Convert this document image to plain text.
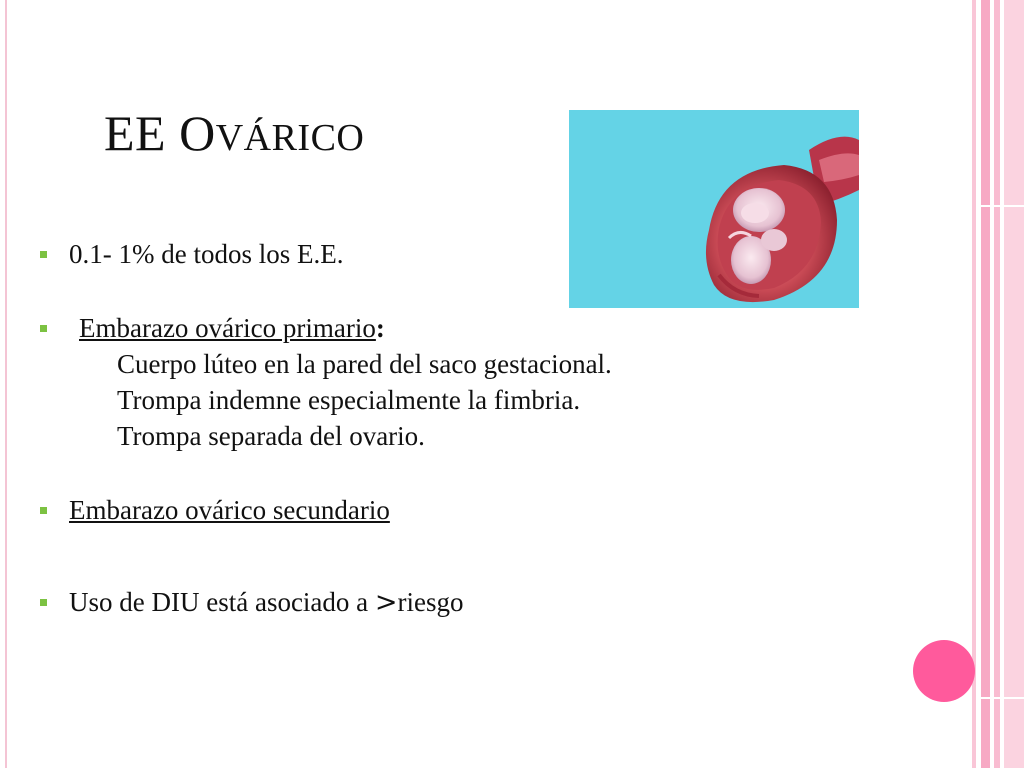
EE OVÁRICO
0.1- 1% de todos los E.E.
Embarazo ovárico primario:
Cuerpo lúteo en la pared del saco gestacional.
Trompa indemne especialmente la fimbria.
Trompa separada del ovario.
Embarazo ovárico secundario
Uso de DIU está asociado a >riesgo
